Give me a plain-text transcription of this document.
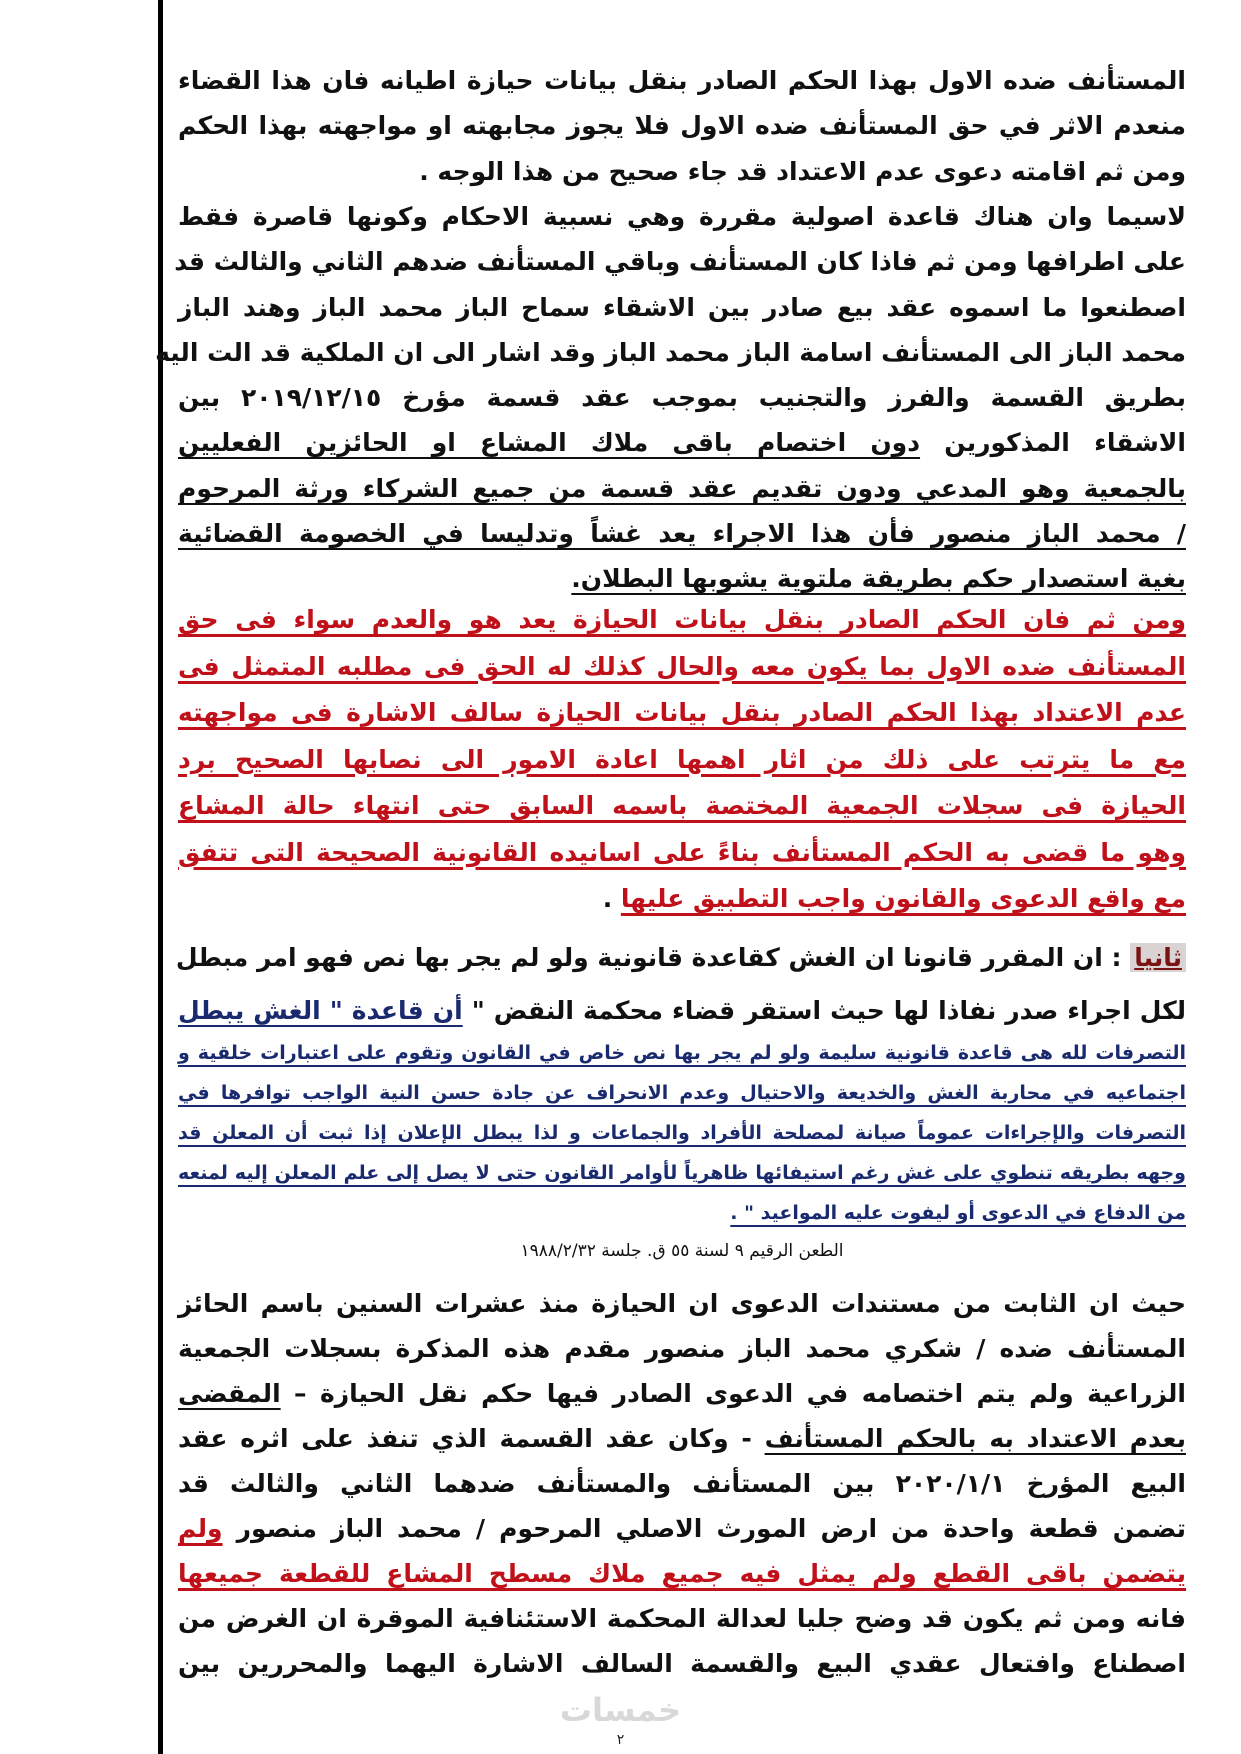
المستأنف ضده الاول بهذا الحكم الصادر بنقل بيانات حيازة اطيانه فان هذا القضاء
منعدم الاثر في حق المستأنف ضده الاول فلا يجوز مجابهته او مواجهته بهذا الحكم
ومن ثم اقامته دعوى عدم الاعتداد قد جاء صحيح من هذا الوجه .
لاسيما وان هناك قاعدة اصولية مقررة وهي نسبية الاحكام وكونها قاصرة فقط
على اطرافها ومن ثم فاذا كان المستأنف وباقي المستأنف ضدهم الثاني والثالث قد
اصطنعوا ما اسموه عقد بيع صادر بين الاشقاء سماح الباز محمد الباز وهند الباز
محمد الباز الى المستأنف اسامة الباز محمد الباز وقد اشار الى ان الملكية قد الت اليه
بطريق القسمة والفرز والتجنيب بموجب عقد قسمة مؤرخ ٢٠١٩/١٢/١٥ بين
الاشقاء المذكورين دون اختصام باقى ملاك المشاع او الحائزين الفعليين
بالجمعية وهو المدعي ودون تقديم عقد قسمة من جميع الشركاء ورثة المرحوم
/ محمد الباز منصور فأن هذا الاجراء يعد غشاً وتدليسا في الخصومة القضائية
بغية استصدار حكم بطريقة ملتوية يشوبها البطلان.
ومن ثم فان الحكم الصادر بنقل بيانات الحيازة يعد هو والعدم سواء فى حق
المستأنف ضده الاول بما يكون معه والحال كذلك له الحق فى مطلبه المتمثل فى
عدم الاعتداد بهذا الحكم الصادر بنقل بيانات الحيازة سالف الاشارة فى مواجهته
مع ما يترتب على ذلك من اثار اهمها اعادة الامور الى نصابها الصحيح برد
الحيازة فى سجلات الجمعية المختصة باسمه السابق حتى انتهاء حالة المشاع
وهو ما قضى به الحكم المستأنف بناءً على اسانيده القانونية الصحيحة التى تتفق
مع واقع الدعوى والقانون واجب التطبيق عليها .
ثانيا : ان المقرر قانونا ان الغش كقاعدة قانونية ولو لم يجر بها نص فهو امر مبطل
لكل اجراء صدر نفاذا لها حيث استقر قضاء محكمة النقض " أن قاعدة " الغش يبطل
التصرفات لله هى قاعدة قانونية سليمة ولو لم يجر بها نص خاص في القانون وتقوم على اعتبارات خلقية و
اجتماعيه في محاربة الغش والخديعة والاحتيال وعدم الانحراف عن جادة حسن النية الواجب توافرها في
التصرفات والإجراءات عموماً صيانة لمصلحة الأفراد والجماعات و لذا يبطل الإعلان إذا ثبت أن المعلن قد
وجهه بطريقه تنطوي على غش رغم استيفائها ظاهرياً لأوامر القانون حتى لا يصل إلى علم المعلن إليه لمنعه
من الدفاع في الدعوى أو ليفوت عليه المواعيد " .
حيث ان الثابت من مستندات الدعوى ان الحيازة منذ عشرات السنين باسم الحائز
المستأنف ضده / شكري محمد الباز منصور مقدم هذه المذكرة بسجلات الجمعية
الزراعية ولم يتم اختصامه في الدعوى الصادر فيها حكم نقل الحيازة – المقضى
بعدم الاعتداد به بالحكم المستأنف - وكان عقد القسمة الذي تنفذ على اثره عقد
البيع المؤرخ ٢٠٢٠/١/١ بين المستأنف والمستأنف ضدهما الثاني والثالث قد
تضمن قطعة واحدة من ارض المورث الاصلي المرحوم / محمد الباز منصور ولم
يتضمن باقى القطع ولم يمثل فيه جميع ملاك مسطح المشاع للقطعة جميعها
فانه ومن ثم يكون قد وضح جليا لعدالة المحكمة الاستئنافية الموقرة ان الغرض من
اصطناع وافتعال عقدي البيع والقسمة السالف الاشارة اليهما والمحررين بين
الطعن الرقيم ٩ لسنة ٥٥ ق. جلسة ١٩٨٨/٢/٣٢
خمسات
٢
